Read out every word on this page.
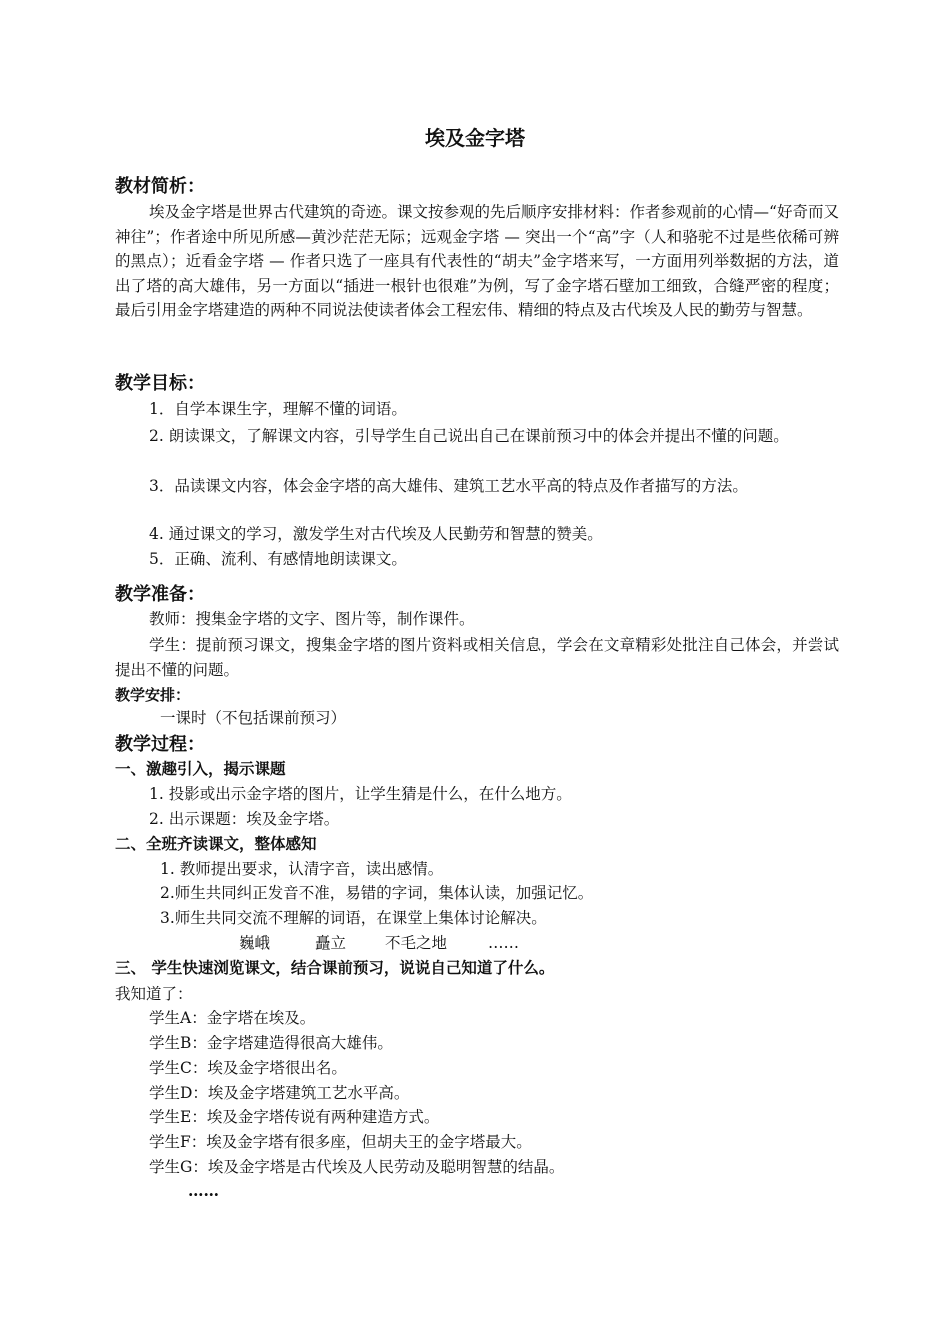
埃及金字塔
教材简析：
埃及金字塔是世界古代建筑的奇迹。课文按参观的先后顺序安排材料：作者参观前的心情—“好奇而又神往”；作者途中所见所感—黄沙茫茫无际；远观金字塔 — 突出一个“高”字（人和骆驼不过是些依稀可辨的黑点）；近看金字塔 — 作者只选了一座具有代表性的“胡夫”金字塔来写，一方面用列举数据的方法，道出了塔的高大雄伟，另一方面以“插进一根针也很难”为例，写了金字塔石壁加工细致，合缝严密的程度；最后引用金字塔建造的两种不同说法使读者体会工程宏伟、精细的特点及古代埃及人民的勤劳与智慧。
教学目标：
1．自学本课生字，理解不懂的词语。
2. 朗读课文，了解课文内容，引导学生自己说出自己在课前预习中的体会并提出不懂的问题。
3．品读课文内容，体会金字塔的高大雄伟、建筑工艺水平高的特点及作者描写的方法。
4. 通过课文的学习，激发学生对古代埃及人民勤劳和智慧的赞美。
5．正确、流利、有感情地朗读课文。
教学准备：
教师：搜集金字塔的文字、图片等，制作课件。
学生：提前预习课文，搜集金字塔的图片资料或相关信息，学会在文章精彩处批注自己体会，并尝试提出不懂的问题。
教学安排：
一课时（不包括课前预习）
教学过程：
一、激趣引入，揭示课题
1. 投影或出示金字塔的图片，让学生猜是什么，在什么地方。
2. 出示课题：埃及金字塔。
二、全班齐读课文，整体感知
1. 教师提出要求，认清字音，读出感情。
2.师生共同纠正发音不准，易错的字词，集体认读，加强记忆。
3.师生共同交流不理解的词语，在课堂上集体讨论解决。
巍峨	矗立	不毛之地	……
三、 学生快速浏览课文，结合课前预习，说说自己知道了什么。
我知道了：
学生A：金字塔在埃及。
学生B：金字塔建造得很高大雄伟。
学生C：埃及金字塔很出名。
学生D：埃及金字塔建筑工艺水平高。
学生E：埃及金字塔传说有两种建造方式。
学生F：埃及金字塔有很多座，但胡夫王的金字塔最大。
学生G：埃及金字塔是古代埃及人民劳动及聪明智慧的结晶。
……
